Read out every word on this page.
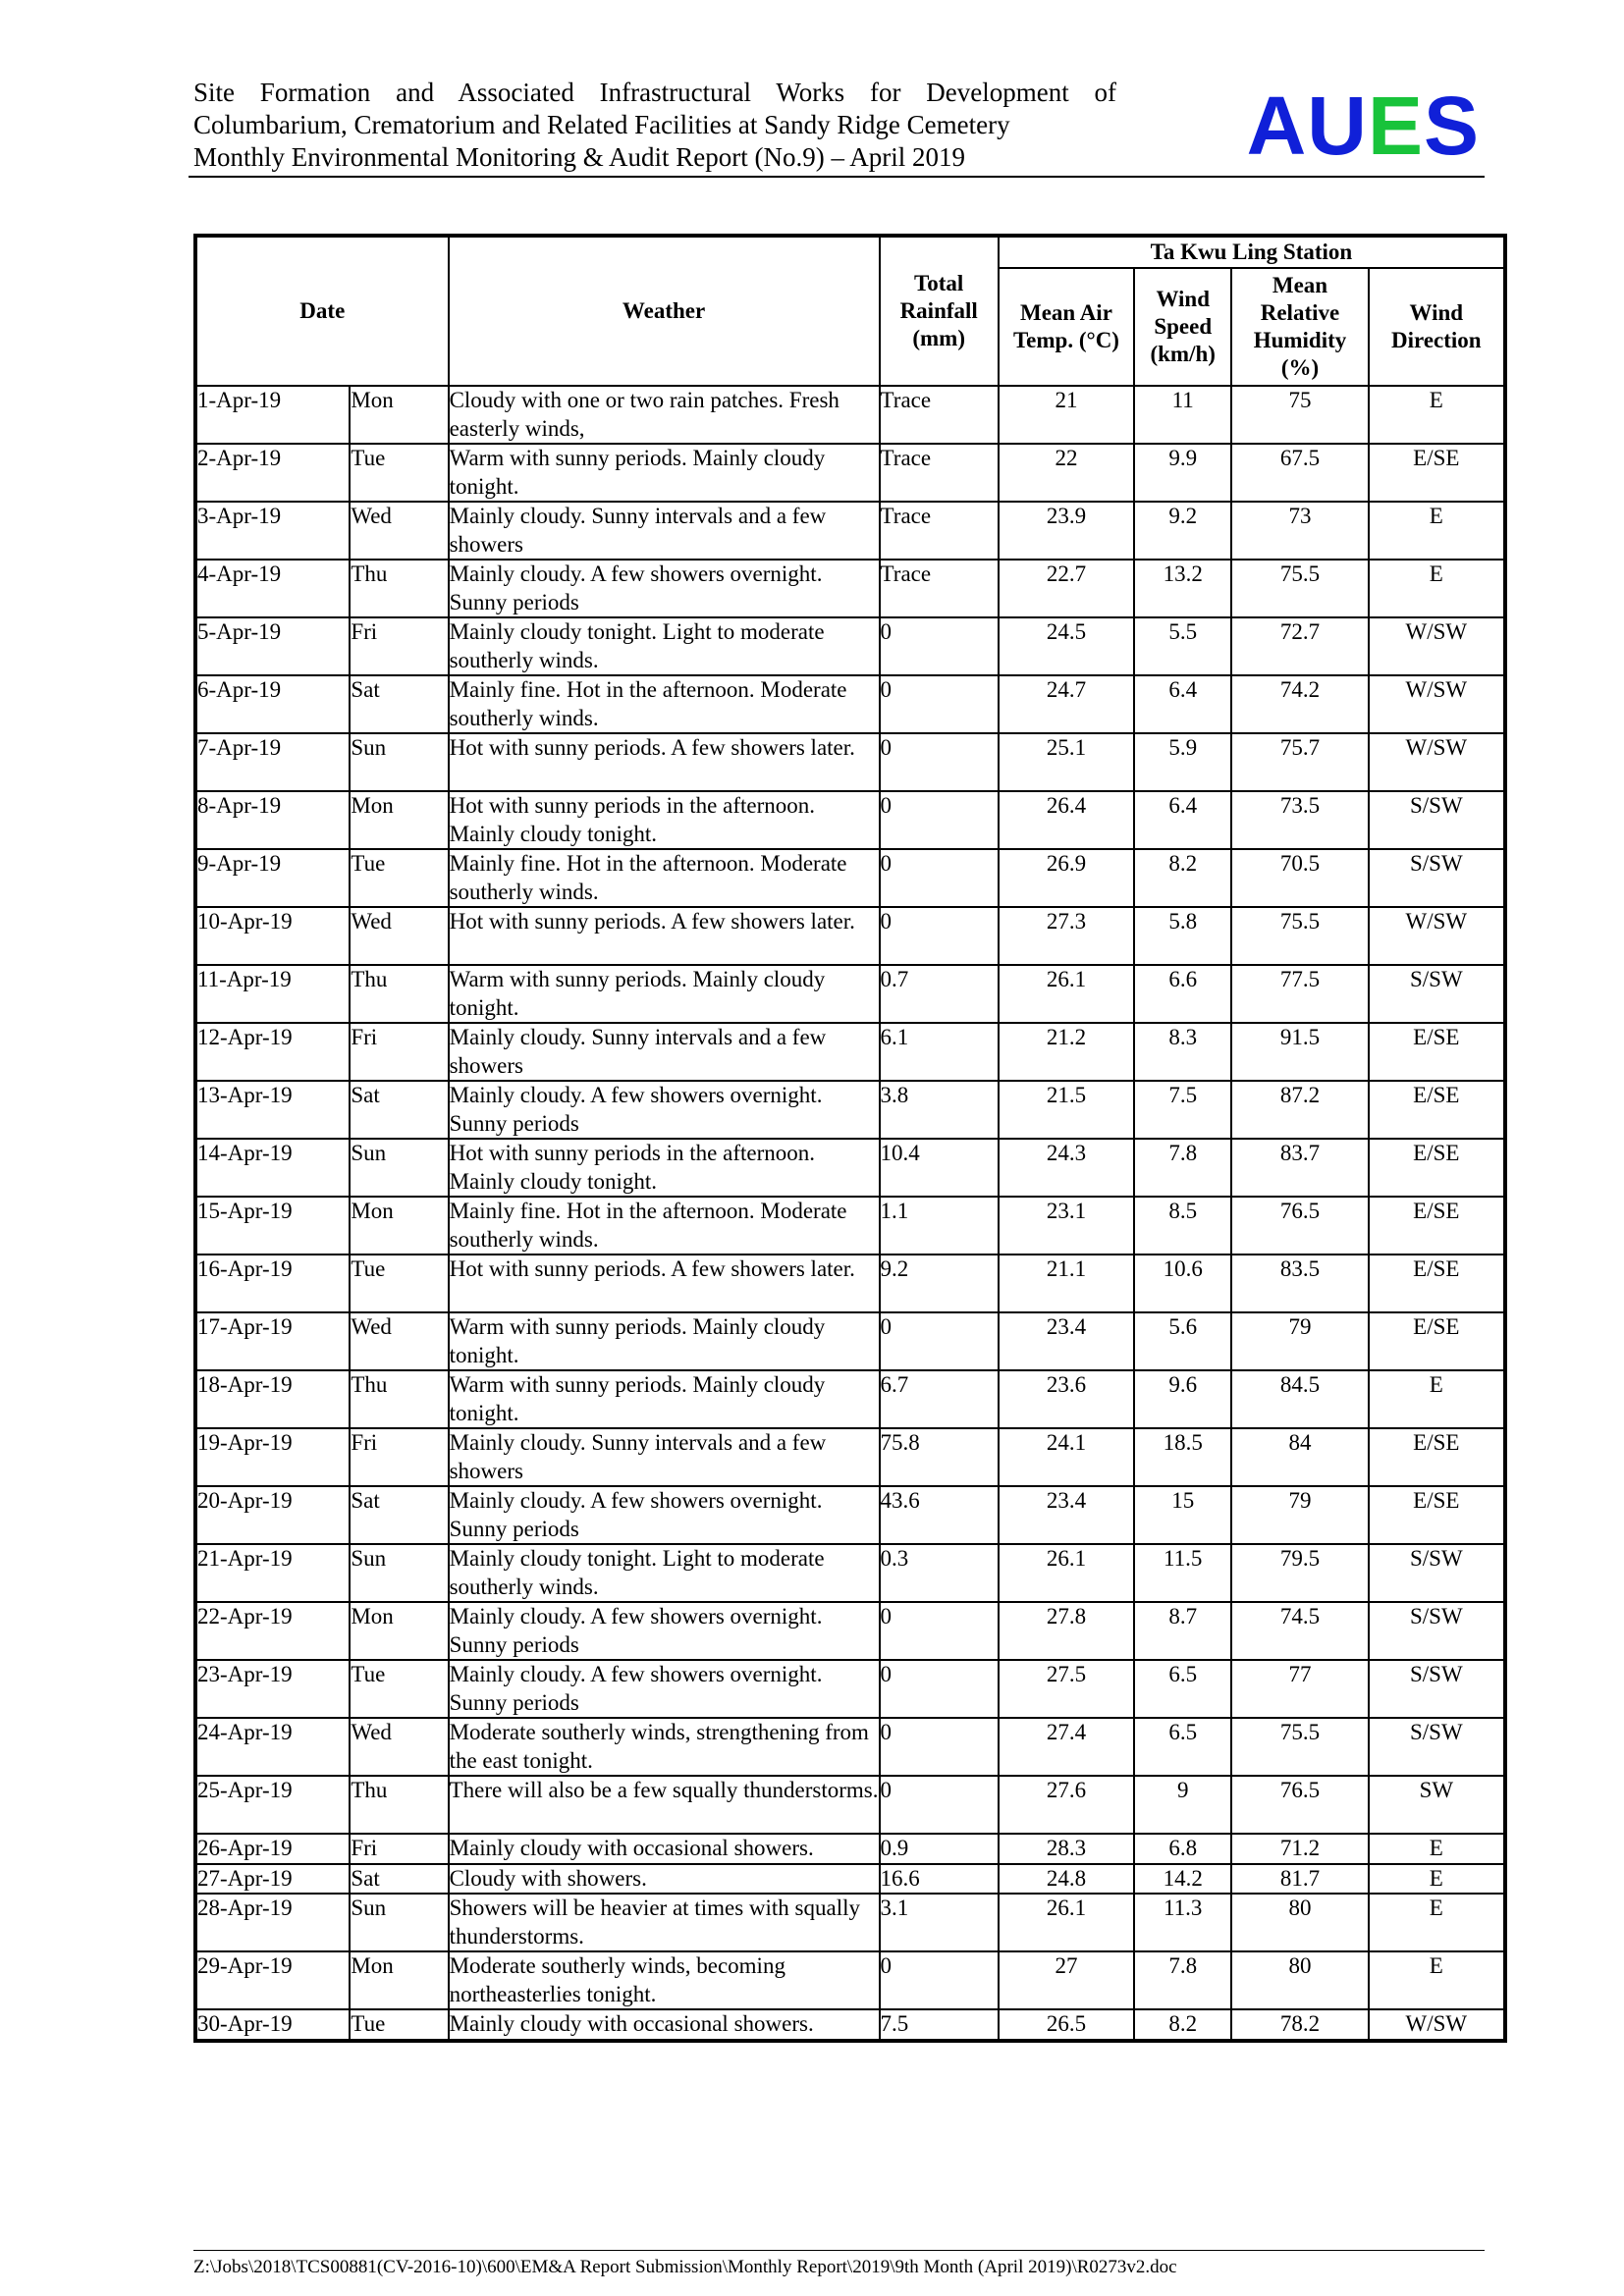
Site Formation and Associated Infrastructural Works for Development of
Columbarium, Crematorium and Related Facilities at Sandy Ridge Cemetery
Monthly Environmental Monitoring & Audit Report (No.9) – April 2019	AUES
Date		Weather	Total Rainfall (mm)	Ta Kwu Ling Station			
				Mean Air Temp. (°C)	Wind Speed (km/h)	Mean Relative Humidity (%)	Wind Direction
1-Apr-19	Mon	Cloudy with one or two rain patches. Fresh easterly winds,	Trace	21	11	75	E
2-Apr-19	Tue	Warm with sunny periods. Mainly cloudy tonight.	Trace	22	9.9	67.5	E/SE
3-Apr-19	Wed	Mainly cloudy. Sunny intervals and a few showers	Trace	23.9	9.2	73	E
4-Apr-19	Thu	Mainly cloudy. A few showers overnight. Sunny periods	Trace	22.7	13.2	75.5	E
5-Apr-19	Fri	Mainly cloudy tonight. Light to moderate southerly winds.	0	24.5	5.5	72.7	W/SW
6-Apr-19	Sat	Mainly fine. Hot in the afternoon. Moderate southerly winds.	0	24.7	6.4	74.2	W/SW
7-Apr-19	Sun	Hot with sunny periods. A few showers later.	0	25.1	5.9	75.7	W/SW
8-Apr-19	Mon	Hot with sunny periods in the afternoon. Mainly cloudy tonight.	0	26.4	6.4	73.5	S/SW
9-Apr-19	Tue	Mainly fine. Hot in the afternoon. Moderate southerly winds.	0	26.9	8.2	70.5	S/SW
10-Apr-19	Wed	Hot with sunny periods. A few showers later.	0	27.3	5.8	75.5	W/SW
11-Apr-19	Thu	Warm with sunny periods. Mainly cloudy tonight.	0.7	26.1	6.6	77.5	S/SW
12-Apr-19	Fri	Mainly cloudy. Sunny intervals and a few showers	6.1	21.2	8.3	91.5	E/SE
13-Apr-19	Sat	Mainly cloudy. A few showers overnight. Sunny periods	3.8	21.5	7.5	87.2	E/SE
14-Apr-19	Sun	Hot with sunny periods in the afternoon. Mainly cloudy tonight.	10.4	24.3	7.8	83.7	E/SE
15-Apr-19	Mon	Mainly fine. Hot in the afternoon. Moderate southerly winds.	1.1	23.1	8.5	76.5	E/SE
16-Apr-19	Tue	Hot with sunny periods. A few showers later.	9.2	21.1	10.6	83.5	E/SE
17-Apr-19	Wed	Warm with sunny periods. Mainly cloudy tonight.	0	23.4	5.6	79	E/SE
18-Apr-19	Thu	Warm with sunny periods. Mainly cloudy tonight.	6.7	23.6	9.6	84.5	E
19-Apr-19	Fri	Mainly cloudy. Sunny intervals and a few showers	75.8	24.1	18.5	84	E/SE
20-Apr-19	Sat	Mainly cloudy. A few showers overnight. Sunny periods	43.6	23.4	15	79	E/SE
21-Apr-19	Sun	Mainly cloudy tonight. Light to moderate southerly winds.	0.3	26.1	11.5	79.5	S/SW
22-Apr-19	Mon	Mainly cloudy. A few showers overnight. Sunny periods	0	27.8	8.7	74.5	S/SW
23-Apr-19	Tue	Mainly cloudy. A few showers overnight. Sunny periods	0	27.5	6.5	77	S/SW
24-Apr-19	Wed	Moderate southerly winds, strengthening from the east tonight.	0	27.4	6.5	75.5	S/SW
25-Apr-19	Thu	There will also be a few squally thunderstorms.	0	27.6	9	76.5	SW
26-Apr-19	Fri	Mainly cloudy with occasional showers.	0.9	28.3	6.8	71.2	E
27-Apr-19	Sat	Cloudy with showers.	16.6	24.8	14.2	81.7	E
28-Apr-19	Sun	Showers will be heavier at times with squally thunderstorms.	3.1	26.1	11.3	80	E
29-Apr-19	Mon	Moderate southerly winds, becoming northeasterlies tonight.	0	27	7.8	80	E
30-Apr-19	Tue	Mainly cloudy with occasional showers.	7.5	26.5	8.2	78.2	W/SW
Z:\Jobs\2018\TCS00881(CV-2016-10)\600\EM&A Report Submission\Monthly Report\2019\9th Month (April 2019)\R0273v2.doc
